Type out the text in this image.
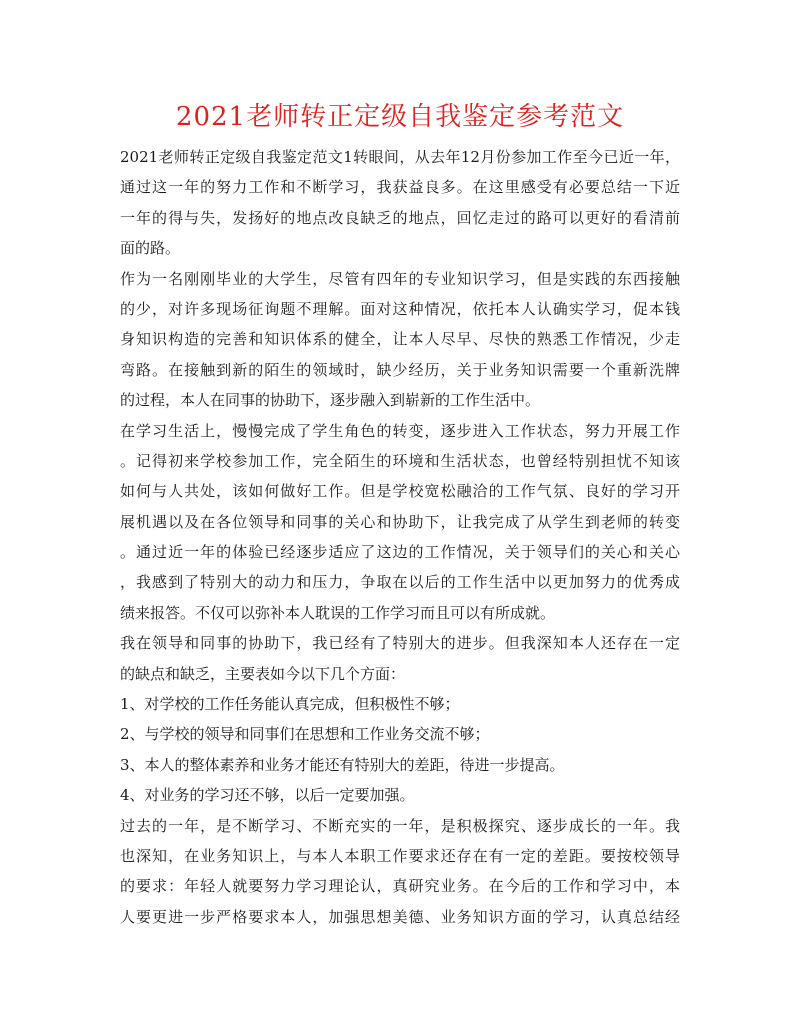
2021老师转正定级自我鉴定参考范文
2021老师转正定级自我鉴定范文1转眼间，从去年12月份参加工作至今已近一年，
通过这一年的努力工作和不断学习，我获益良多。在这里感受有必要总结一下近
一年的得与失，发扬好的地点改良缺乏的地点，回忆走过的路可以更好的看清前
面的路。
作为一名刚刚毕业的大学生，尽管有四年的专业知识学习，但是实践的东西接触
的少，对许多现场征询题不理解。面对这种情况，依托本人认确实学习，促本钱
身知识构造的完善和知识体系的健全，让本人尽早、尽快的熟悉工作情况，少走
弯路。在接触到新的陌生的领域时，缺少经历，关于业务知识需要一个重新洗牌
的过程，本人在同事的协助下，逐步融入到崭新的工作生活中。
在学习生活上，慢慢完成了学生角色的转变，逐步进入工作状态，努力开展工作
。记得初来学校参加工作，完全陌生的环境和生活状态，也曾经特别担忧不知该
如何与人共处，该如何做好工作。但是学校宽松融洽的工作气氛、良好的学习开
展机遇以及在各位领导和同事的关心和协助下，让我完成了从学生到老师的转变
。通过近一年的体验已经逐步适应了这边的工作情况，关于领导们的关心和关心
，我感到了特别大的动力和压力，争取在以后的工作生活中以更加努力的优秀成
绩来报答。不仅可以弥补本人耽误的工作学习而且可以有所成就。
我在领导和同事的协助下，我已经有了特别大的进步。但我深知本人还存在一定
的缺点和缺乏，主要表如今以下几个方面：
1、对学校的工作任务能认真完成，但积极性不够；
2、与学校的领导和同事们在思想和工作业务交流不够；
3、本人的整体素养和业务才能还有特别大的差距，待进一步提高。
4、对业务的学习还不够，以后一定要加强。
过去的一年，是不断学习、不断充实的一年，是积极探究、逐步成长的一年。我
也深知，在业务知识上，与本人本职工作要求还存在有一定的差距。要按校领导
的要求：年轻人就要努力学习理论认，真研究业务。在今后的工作和学习中，本
人要更进一步严格要求本人，加强思想美德、业务知识方面的学习，认真总结经
